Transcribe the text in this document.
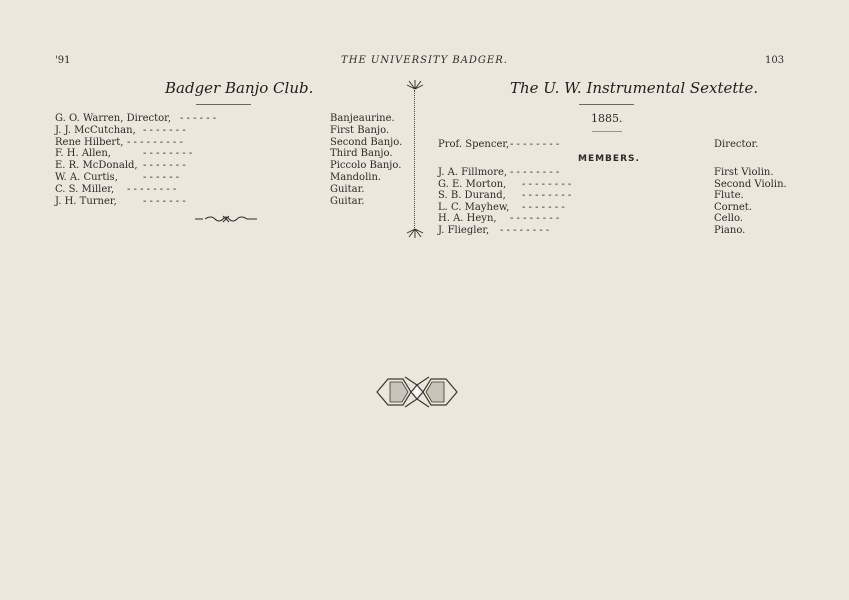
'91	THE UNIVERSITY BADGER.	103
Badger Banjo Club.
G. O. Warren, Director, - - - - - -	Banjeaurine.
J. J. McCutchan, - - - - - - -	First Banjo.
Rene Hilbert, - - - - - - - - -	Second Banjo.
F. H. Allen,	- - - - - - - -	Third Banjo.
E. R. McDonald, - - - - - - -	Piccolo Banjo.
W. A. Curtis,	- - - - - -	Mandolin.
C. S. Miller, - - - - - - - -	Guitar.
J. H. Turner,	- - - - - - -	Guitar.
The U. W. Instrumental Sextette.
1885.
Prof. Spencer, - - - - - - - -	Director.
MEMBERS.
J. A. Fillmore, - - - - - - - -	First Violin.
G. E. Morton, - - - - - - - -	Second Violin.
S. B. Durand, - - - - - - - -	Flute.
L. C. Mayhew, - - - - - - -	Cornet.
H. A. Heyn, - - - - - - - -	Cello.
J. Fliegler, - - - - - - - -	Piano.
